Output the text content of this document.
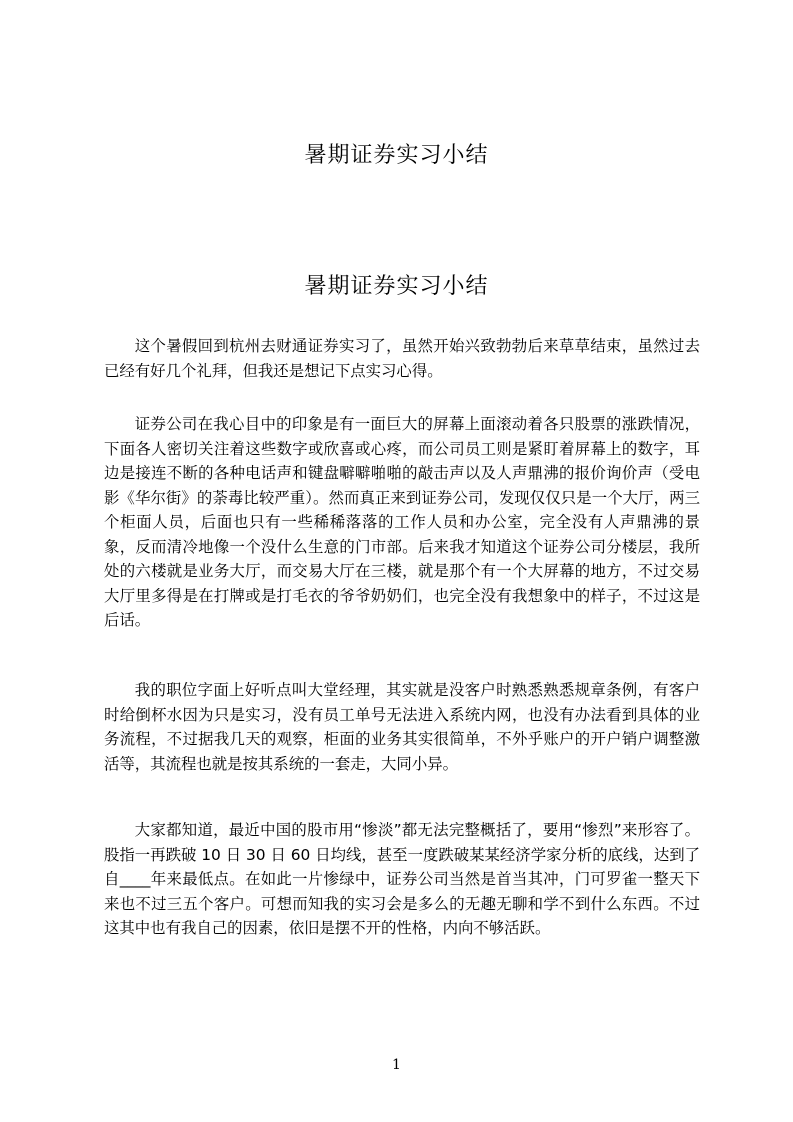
暑期证券实习小结
暑期证券实习小结

这个暑假回到杭州去财通证券实习了，虽然开始兴致勃勃后来草草结束，虽然过去已经有好几个礼拜，但我还是想记下点实习心得。

证券公司在我心目中的印象是有一面巨大的屏幕上面滚动着各只股票的涨跌情况，下面各人密切关注着这些数字或欣喜或心疼，而公司员工则是紧盯着屏幕上的数字，耳边是接连不断的各种电话声和键盘噼噼啪啪的敲击声以及人声鼎沸的报价询价声（受电影《华尔街》的荼毒比较严重）。然而真正来到证券公司，发现仅仅只是一个大厅，两三个柜面人员，后面也只有一些稀稀落落的工作人员和办公室，完全没有人声鼎沸的景象，反而清冷地像一个没什么生意的门市部。后来我才知道这个证券公司分楼层，我所处的六楼就是业务大厅，而交易大厅在三楼，就是那个有一个大屏幕的地方，不过交易大厅里多得是在打牌或是打毛衣的爷爷奶奶们，也完全没有我想象中的样子，不过这是后话。

我的职位字面上好听点叫大堂经理，其实就是没客户时熟悉熟悉规章条例，有客户时给倒杯水因为只是实习，没有员工单号无法进入系统内网，也没有办法看到具体的业务流程，不过据我几天的观察，柜面的业务其实很简单，不外乎账户的开户销户调整激活等，其流程也就是按其系统的一套走，大同小异。

大家都知道，最近中国的股市用“惨淡”都无法完整概括了，要用“惨烈”来形容了。股指一再跌破 10 日 30 日 60 日均线，甚至一度跌破某某经济学家分析的底线，达到了自____年来最低点。在如此一片惨绿中，证券公司当然是首当其冲，门可罗雀一整天下来也不过三五个客户。可想而知我的实习会是多么的无趣无聊和学不到什么东西。不过这其中也有我自己的因素，依旧是摆不开的性格，内向不够活跃。

1
